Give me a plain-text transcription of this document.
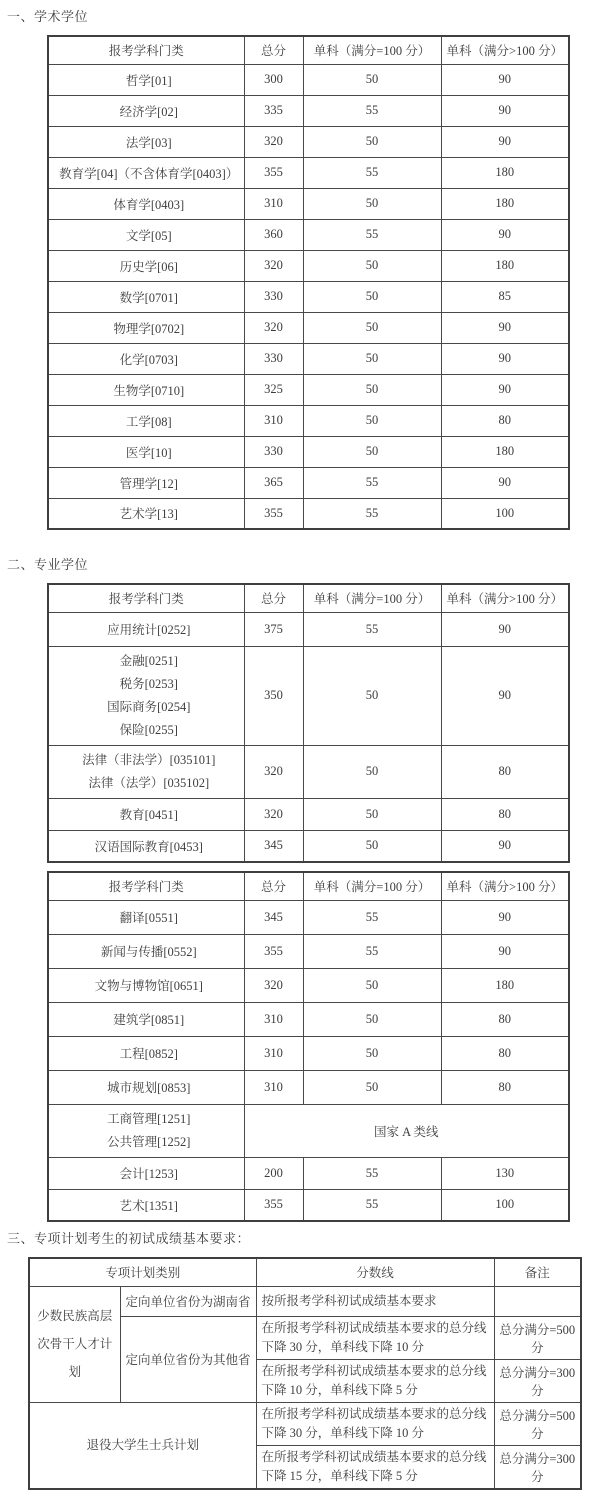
一、学术学位
报考学科门类	总分	单科（满分=100 分）	单科（满分>100 分）
哲学[01]	300	50	90
经济学[02]	335	55	90
法学[03]	320	50	90
教育学[04]（不含体育学[0403]）	355	55	180
体育学[0403]	310	50	180
文学[05]	360	55	90
历史学[06]	320	50	180
数学[0701]	330	50	85
物理学[0702]	320	50	90
化学[0703]	330	50	90
生物学[0710]	325	50	90
工学[08]	310	50	80
医学[10]	330	50	180
管理学[12]	365	55	90
艺术学[13]	355	55	100
二、专业学位
报考学科门类	总分	单科（满分=100 分）	单科（满分>100 分）
应用统计[0252]	375	55	90

金融[0251]
税务[0253]
国际商务[0254]
保险[0255]	350	50	90

法律（非法学）[035101]
法律（法学）[035102]	320	50	80
教育[0451]	320	50	80
汉语国际教育[0453]	345	50	90
报考学科门类	总分	单科（满分=100 分）	单科（满分>100 分）
翻译[0551]	345	55	90
新闻与传播[0552]	355	55	90
文物与博物馆[0651]	320	50	180
建筑学[0851]	310	50	80
工程[0852]	310	50	80
城市规划[0853]	310	50	80

工商管理[1251]
公共管理[1252]	国家 A 类线		
会计[1253]	200	55	130
艺术[1351]	355	55	100
三、专项计划考生的初试成绩基本要求：
专项计划类别		分数线	备注
少数民族高层次骨干人才计划	定向单位省份为湖南省	按所报考学科初试成绩基本要求	
	定向单位省份为其他省	在所报考学科初试成绩基本要求的总分线下降 30 分，单科线下降 10 分	总分满分=500 分
		在所报考学科初试成绩基本要求的总分线下降 10 分，单科线下降 5 分	总分满分=300 分
退役大学生士兵计划		在所报考学科初试成绩基本要求的总分线下降 30 分，单科线下降 10 分	总分满分=500 分
		在所报考学科初试成绩基本要求的总分线下降 15 分，单科线下降 5 分	总分满分=300 分
